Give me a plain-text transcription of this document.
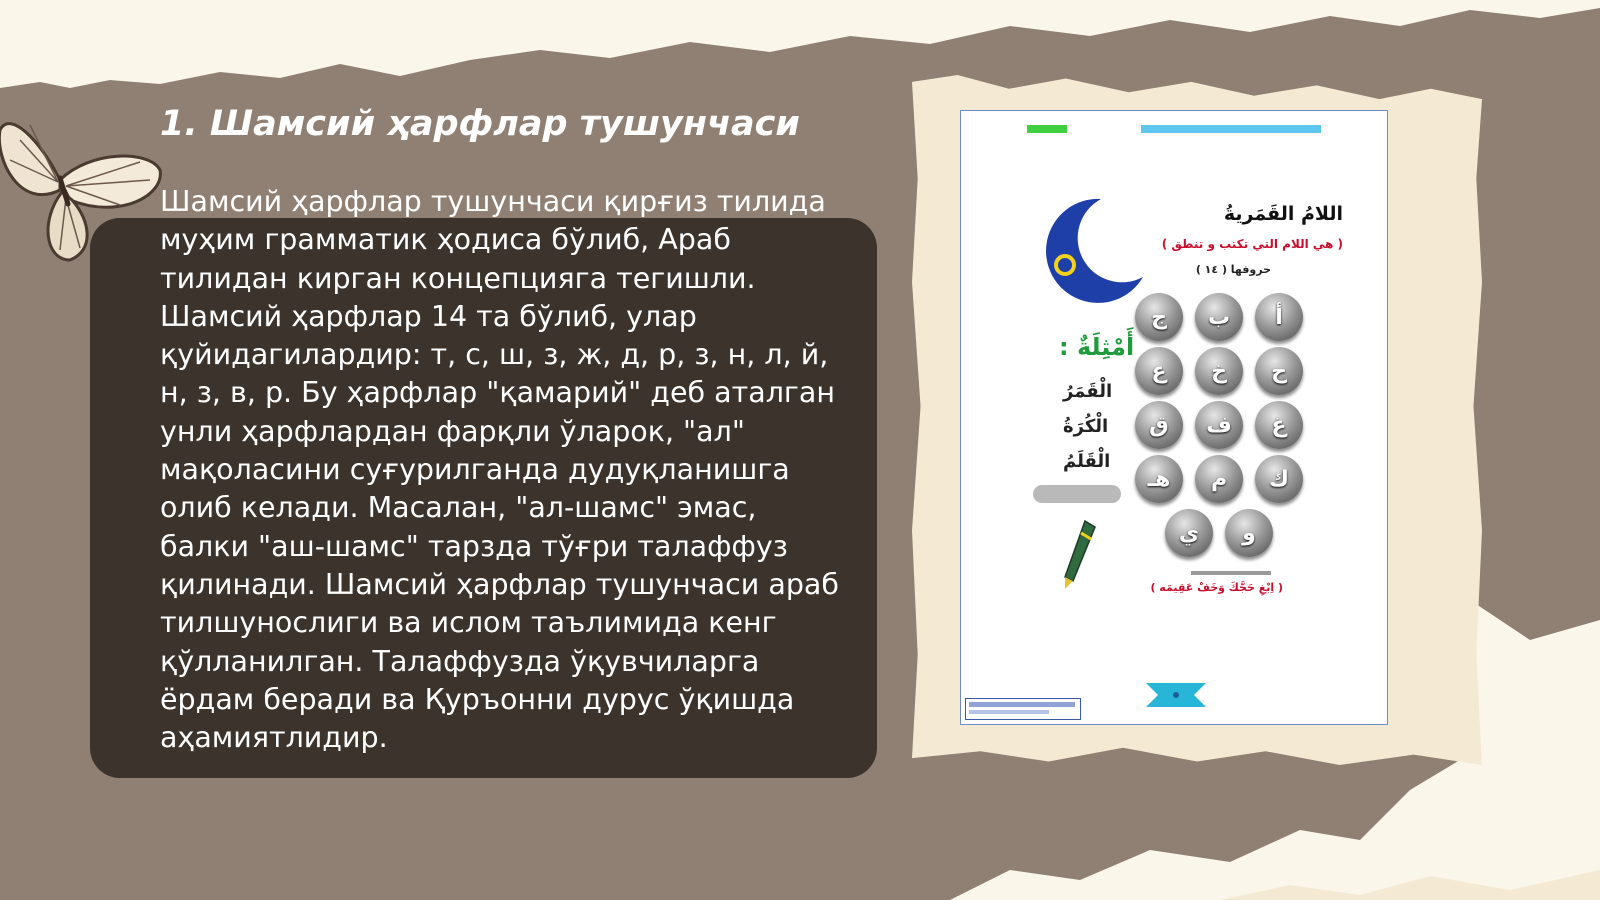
1. Шамсий ҳарфлар тушунчаси

Шамсий ҳарфлар тушунчаси қирғиз тилида муҳим грамматик ҳодиса бўлиб, Араб тилидан кирган концепцияга тегишли. Шамсий ҳарфлар 14 та бўлиб, улар қуйидагилардир: т, с, ш, з, ж, д, р, з, н, л, й, н, з, в, р. Бу ҳарфлар "қамарий" деб аталган унли ҳарфлардан фарқли ўларок, "ал" мақоласини суғурилганда дудуқланишга олиб келади. Масалан, "ал-шамс" эмас, балки "аш-шамс" тарзда тўғри талаффуз қилинади. Шамсий ҳарфлар тушунчаси араб тилшунослиги ва ислом таълимида кенг қўлланилган. Талаффузда ўқувчиларга ёрдам беради ва Қуръонни дурус ўқишда аҳамиятлидир.

اللامُ القَمَريةُ
( هي اللام التي تكتب و تنطق )
حروفها ( ١٤ )
أَمْثِلَةٌ :
الْقَمَرُ
الْكُرَةُ
الْقَلَمُ
أ
ب
ج
ح
خ
ع
غ
ف
ق
ك
م
هـ
و
ي
( اِبْغِ حَجَّكَ وَخَفْ عَقِيمَه )
